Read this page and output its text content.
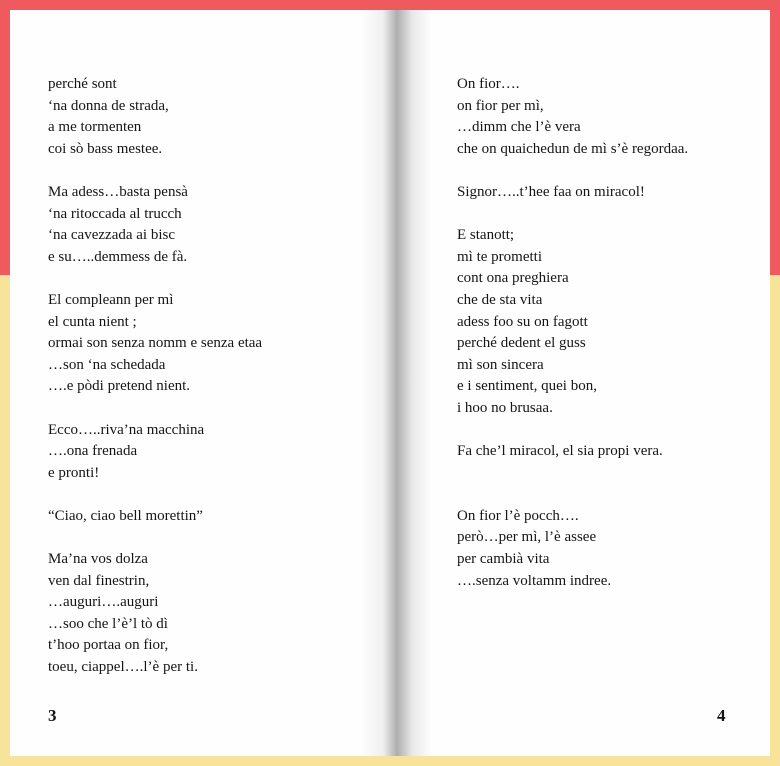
perché sont
‘na donna de strada,
a me tormenten
coi sò bass mestee.
Ma adess…basta pensà
‘na ritoccada al trucch
‘na cavezzada ai bisc
e su…..demmess de fà.
El compleann per mì
el cunta nient ;
ormai son senza nomm e senza etaa
…son ‘na schedada
….e pòdi pretend nient.
Ecco…..riva’na macchina
….ona frenada
e pronti!
“Ciao, ciao bell morettin”
Ma’na vos dolza
ven dal finestrin,
…auguri….auguri
…soo che l’è’l tò dì
t’hoo portaa on fior,
toeu, ciappel….l’è per ti.
On fior….
on fior per mì,
…dimm che l’è vera
che on quaichedun de mì s’è regordaa.
Signor…..t’hee faa on miracol!
E stanott;
mì te prometti
cont ona preghiera
che de sta vita
adess foo su on fagott
perché dedent el guss
mì son sincera
e i sentiment, quei bon,
i hoo no brusaa.
Fa che’l miracol, el sia propi vera.
On fior l’è pocch….
però…per mì, l’è assee
per cambià vita
….senza voltamm indree.
3	4
